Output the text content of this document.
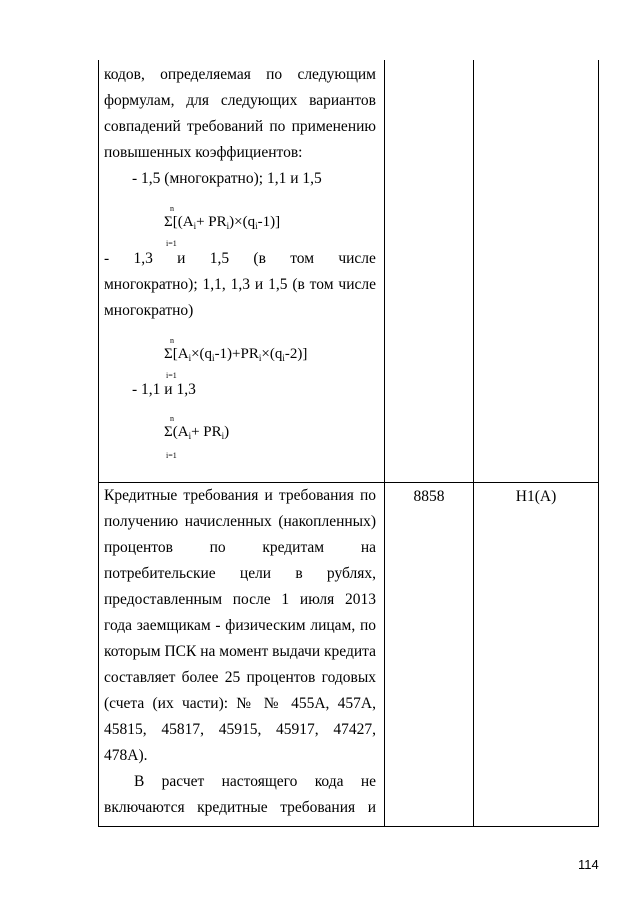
кодов, определяемая по следующим
формулам, для следующих вариантов
совпадений требований по применению
повышенных коэффициентов:
- 1,5 (многократно); 1,1 и 1,5
n
$\Sigma[(A_i+ PR_i)\times(q_i-1)]$
i=1
- 1,3 и 1,5 (в том числе
многократно); 1,1, 1,3 и 1,5 (в том числе
многократно)
n
$\Sigma[A_i\times(q_i-1)+PR_i\times(q_i-2)]$
i=1
- 1,1 и 1,3
n
$\Sigma(A_i+ PR_i)$
i=1
Кредитные требования и требования по
получению начисленных (накопленных)
процентов по кредитам на
потребительские цели в рублях,
предоставленным после 1 июля 2013
года заемщикам - физическим лицам, по
которым ПСК на момент выдачи кредита
составляет более 25 процентов годовых
(счета (их части): № № 455А, 457А,
45815, 45817, 45915, 45917, 47427,
478А).
В расчет настоящего кода не
включаются кредитные требования и
8858	Н1(А)
114
